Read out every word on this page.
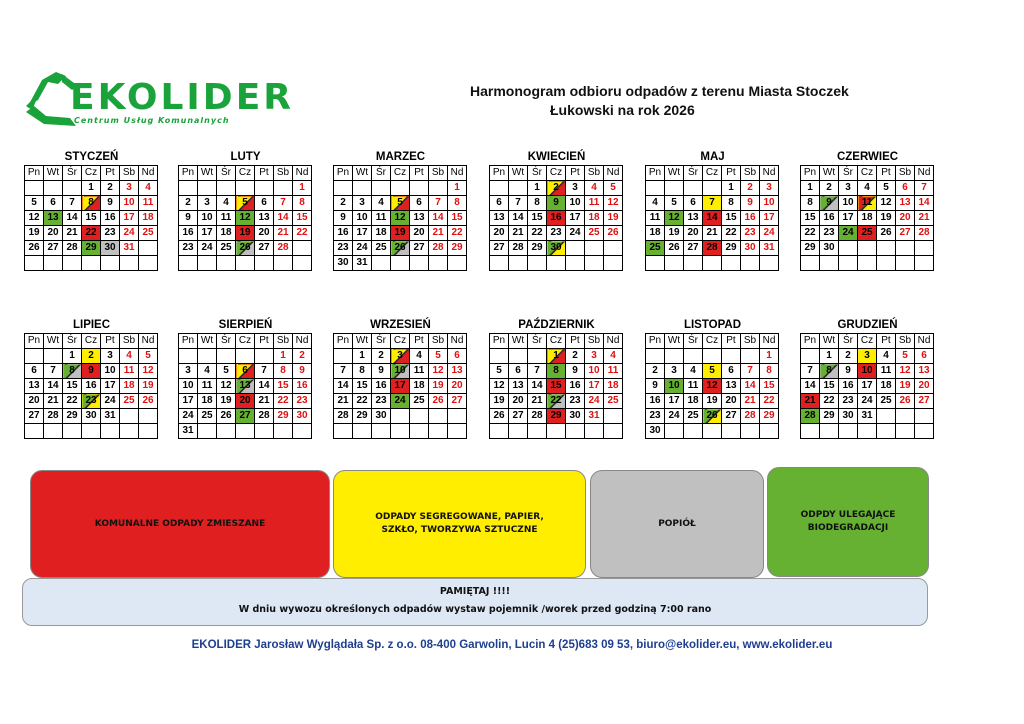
EKOLIDER
Centrum Usług Komunalnych
Harmonogram odbioru odpadów z terenu Miasta Stoczek
Łukowski na rok 2026
STYCZEŃ
Pn	Wt	Śr	Cz	Pt	Sb	Nd
			1	2	3	4
5	6	7	8	9	10	11
12	13	14	15	16	17	18
19	20	21	22	23	24	25
26	27	28	29	30	31	

LUTY
Pn	Wt	Śr	Cz	Pt	Sb	Nd
						1
2	3	4	5	6	7	8
9	10	11	12	13	14	15
16	17	18	19	20	21	22
23	24	25	26	27	28	

MARZEC
Pn	Wt	Śr	Cz	Pt	Sb	Nd
						1
2	3	4	5	6	7	8
9	10	11	12	13	14	15
16	17	18	19	20	21	22
23	24	25	26	27	28	29
30	31					
KWIECIEŃ
Pn	Wt	Śr	Cz	Pt	Sb	Nd
		1	2	3	4	5
6	7	8	9	10	11	12
13	14	15	16	17	18	19
20	21	22	23	24	25	26
27	28	29	30			

MAJ
Pn	Wt	Śr	Cz	Pt	Sb	Nd
				1	2	3
4	5	6	7	8	9	10
11	12	13	14	15	16	17
18	19	20	21	22	23	24
25	26	27	28	29	30	31

CZERWIEC
Pn	Wt	Śr	Cz	Pt	Sb	Nd
1	2	3	4	5	6	7
8	9	10	11	12	13	14
15	16	17	18	19	20	21
22	23	24	25	26	27	28
29	30					

LIPIEC
Pn	Wt	Śr	Cz	Pt	Sb	Nd
		1	2	3	4	5
6	7	8	9	10	11	12
13	14	15	16	17	18	19
20	21	22	23	24	25	26
27	28	29	30	31		

SIERPIEŃ
Pn	Wt	Śr	Cz	Pt	Sb	Nd
					1	2
3	4	5	6	7	8	9
10	11	12	13	14	15	16
17	18	19	20	21	22	23
24	25	26	27	28	29	30
31						
WRZESIEŃ
Pn	Wt	Śr	Cz	Pt	Sb	Nd
	1	2	3	4	5	6
7	8	9	10	11	12	13
14	15	16	17	18	19	20
21	22	23	24	25	26	27
28	29	30				

PAŹDZIERNIK
Pn	Wt	Śr	Cz	Pt	Sb	Nd
			1	2	3	4
5	6	7	8	9	10	11
12	13	14	15	16	17	18
19	20	21	22	23	24	25
26	27	28	29	30	31	

LISTOPAD
Pn	Wt	Śr	Cz	Pt	Sb	Nd
						1
2	3	4	5	6	7	8
9	10	11	12	13	14	15
16	17	18	19	20	21	22
23	24	25	26	27	28	29
30						
GRUDZIEŃ
Pn	Wt	Śr	Cz	Pt	Sb	Nd
	1	2	3	4	5	6
7	8	9	10	11	12	13
14	15	16	17	18	19	20
21	22	23	24	25	26	27
28	29	30	31			

KOMUNALNE ODPADY ZMIESZANE
ODPADY SEGREGOWANE, PAPIER, SZKŁO, TWORZYWA SZTUCZNE
POPIÓŁ
ODPDY ULEGAJĄCE BIODEGRADACJI
PAMIĘTAJ !!!!
W dniu wywozu określonych odpadów wystaw pojemnik /worek przed godziną 7:00 rano
EKOLIDER Jarosław Wyglądała Sp. z o.o. 08-400 Garwolin, Lucin 4 (25)683 09 53, biuro@ekolider.eu, www.ekolider.eu
